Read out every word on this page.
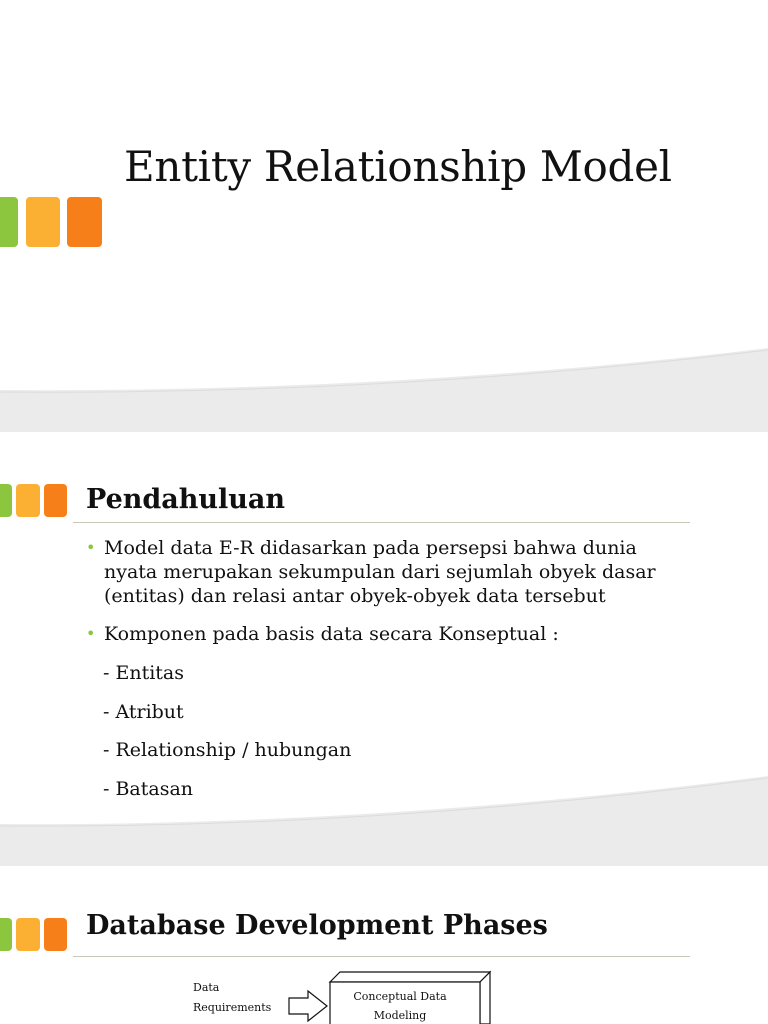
Entity Relationship Model
Pendahuluan
• Model data E-R didasarkan pada persepsi bahwa dunia nyata merupakan sekumpulan dari sejumlah obyek dasar (entitas) dan relasi antar obyek-obyek data tersebut
• Komponen pada basis data secara Konseptual :

- Entitas

- Atribut

- Relationship / hubungan

- Batasan

Database Development Phases
Data
Requirements
Conceptual Data
Modeling
